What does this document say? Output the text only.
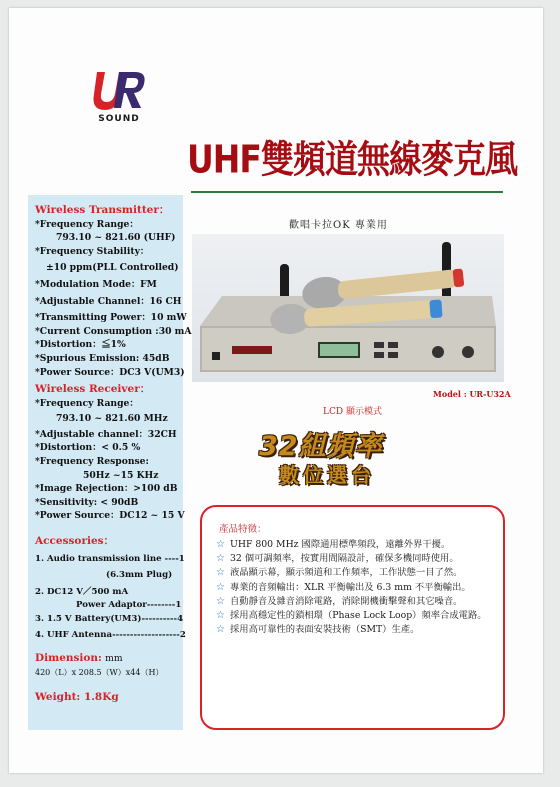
SOUND
UHF雙頻道無線麥克風
Wireless Transmitter：
*Frequency Range：
793.10 ~ 821.60 (UHF)
*Frequency Stability：
±10 ppm(PLL Controlled)
*Modulation Mode：FM
*Adjustable Channel：16 CH
*Transmitting Power：10 mW
*Current Consumption :30 mA
*Distortion：≦1%
*Spurious Emission: 45dB
*Power Source：DC3 V(UM3)
Wireless Receiver：
*Frequency Range：
793.10 ~ 821.60 MHz
*Adjustable channel：32CH
*Distortion：< 0.5 %
*Frequency Response:
50Hz ~15 KHz
*Image Rejection：>100 dB
*Sensitivity: < 90dB
*Power Source：DC12 ~ 15 V
Accessories：
1. Audio transmission line ----1
(6.3mm Plug)
2. DC12 V／500 mA
Power Adaptor--------1
3. 1.5 V Battery(UM3)----------4
4. UHF Antenna-------------------2
Dimension: mm
420（L）x 208.5（W）x44（H）
Weight: 1.8Kg
歡唱卡拉OK 專業用
Model : UR-U32A
LCD 顯示模式
32組頻率
數位選台
產品特徵：
☆ UHF 800 MHz 國際通用標準頻段，遠離外界干擾。
☆ 32 個可調頻率，按實用間隔設計，確保多機同時使用。
☆ 液晶顯示幕，顯示頻道和工作頻率，工作狀態一目了然。
☆ 專業的音頻輸出：XLR 平衡輸出及 6.3 mm 不平衡輸出。
☆ 自動靜音及雜音消除電路，消除開機衝擊聲和其它噪音。
☆ 採用高穩定性的鎖相環（Phase Lock Loop）頻率合成電路。
☆ 採用高可靠性的表面安裝技術（SMT）生產。
